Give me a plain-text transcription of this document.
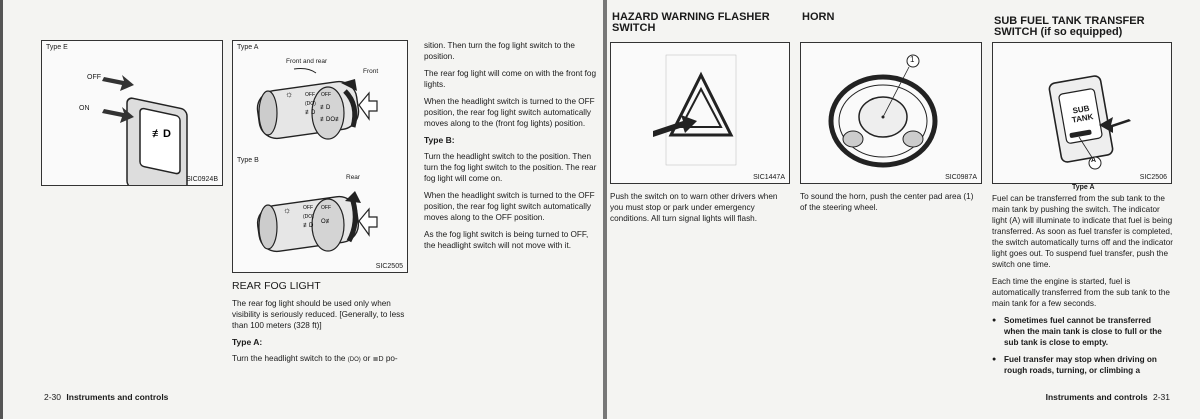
Type E
≢D
OFF
ON
SIC0924B
Type A
Front and rear
Front
Type B
Rear
☼ OFF
(DO)
≢D
OFF
≢D
≢DO≢
☼ OFF
(DO)
≢D
OFF
O≢
SIC2505
REAR FOG LIGHT

The rear fog light should be used only when visibility is seriously reduced. [Generally, to less than 100 meters (328 ft)]

Type A:

Turn the headlight switch to the (DO) or ≣D po-

sition. Then turn the fog light switch to the position.

The rear fog light will come on with the front fog lights.

When the headlight switch is turned to the OFF position, the rear fog light switch automatically moves along to the (front fog lights) position.

Type B:

Turn the headlight switch to the position. Then turn the fog light switch to the position. The rear fog light will come on.

When the headlight switch is turned to the OFF position, the rear fog light switch automatically moves along to the OFF position.

As the fog light switch is being turned to OFF, the headlight switch will not move with it.

2-30 Instruments and controls
HAZARD WARNING FLASHER SWITCH
SIC1447A
Push the switch on to warn other drivers when you must stop or park under emergency conditions. All turn signal lights will flash.
HORN
1
SIC0987A
To sound the horn, push the center pad area (1) of the steering wheel.
SUB FUEL TANK TRANSFER
SWITCH (if so equipped)
SUB
TANK
A
SIC2506
Type A

Fuel can be transferred from the sub tank to the main tank by pushing the switch. The indicator light (A) will illuminate to indicate that fuel is being transferred. As soon as fuel transfer is completed, the switch automatically turns off and the indicator light goes out. To suspend fuel transfer, push the switch one time.

Each time the engine is started, fuel is automatically transferred from the sub tank to the main tank for a few seconds.

● Sometimes fuel cannot be transferred when the main tank is close to full or the sub tank is close to empty.
● Fuel transfer may stop when driving on rough roads, turning, or climbing a
Instruments and controls 2-31
